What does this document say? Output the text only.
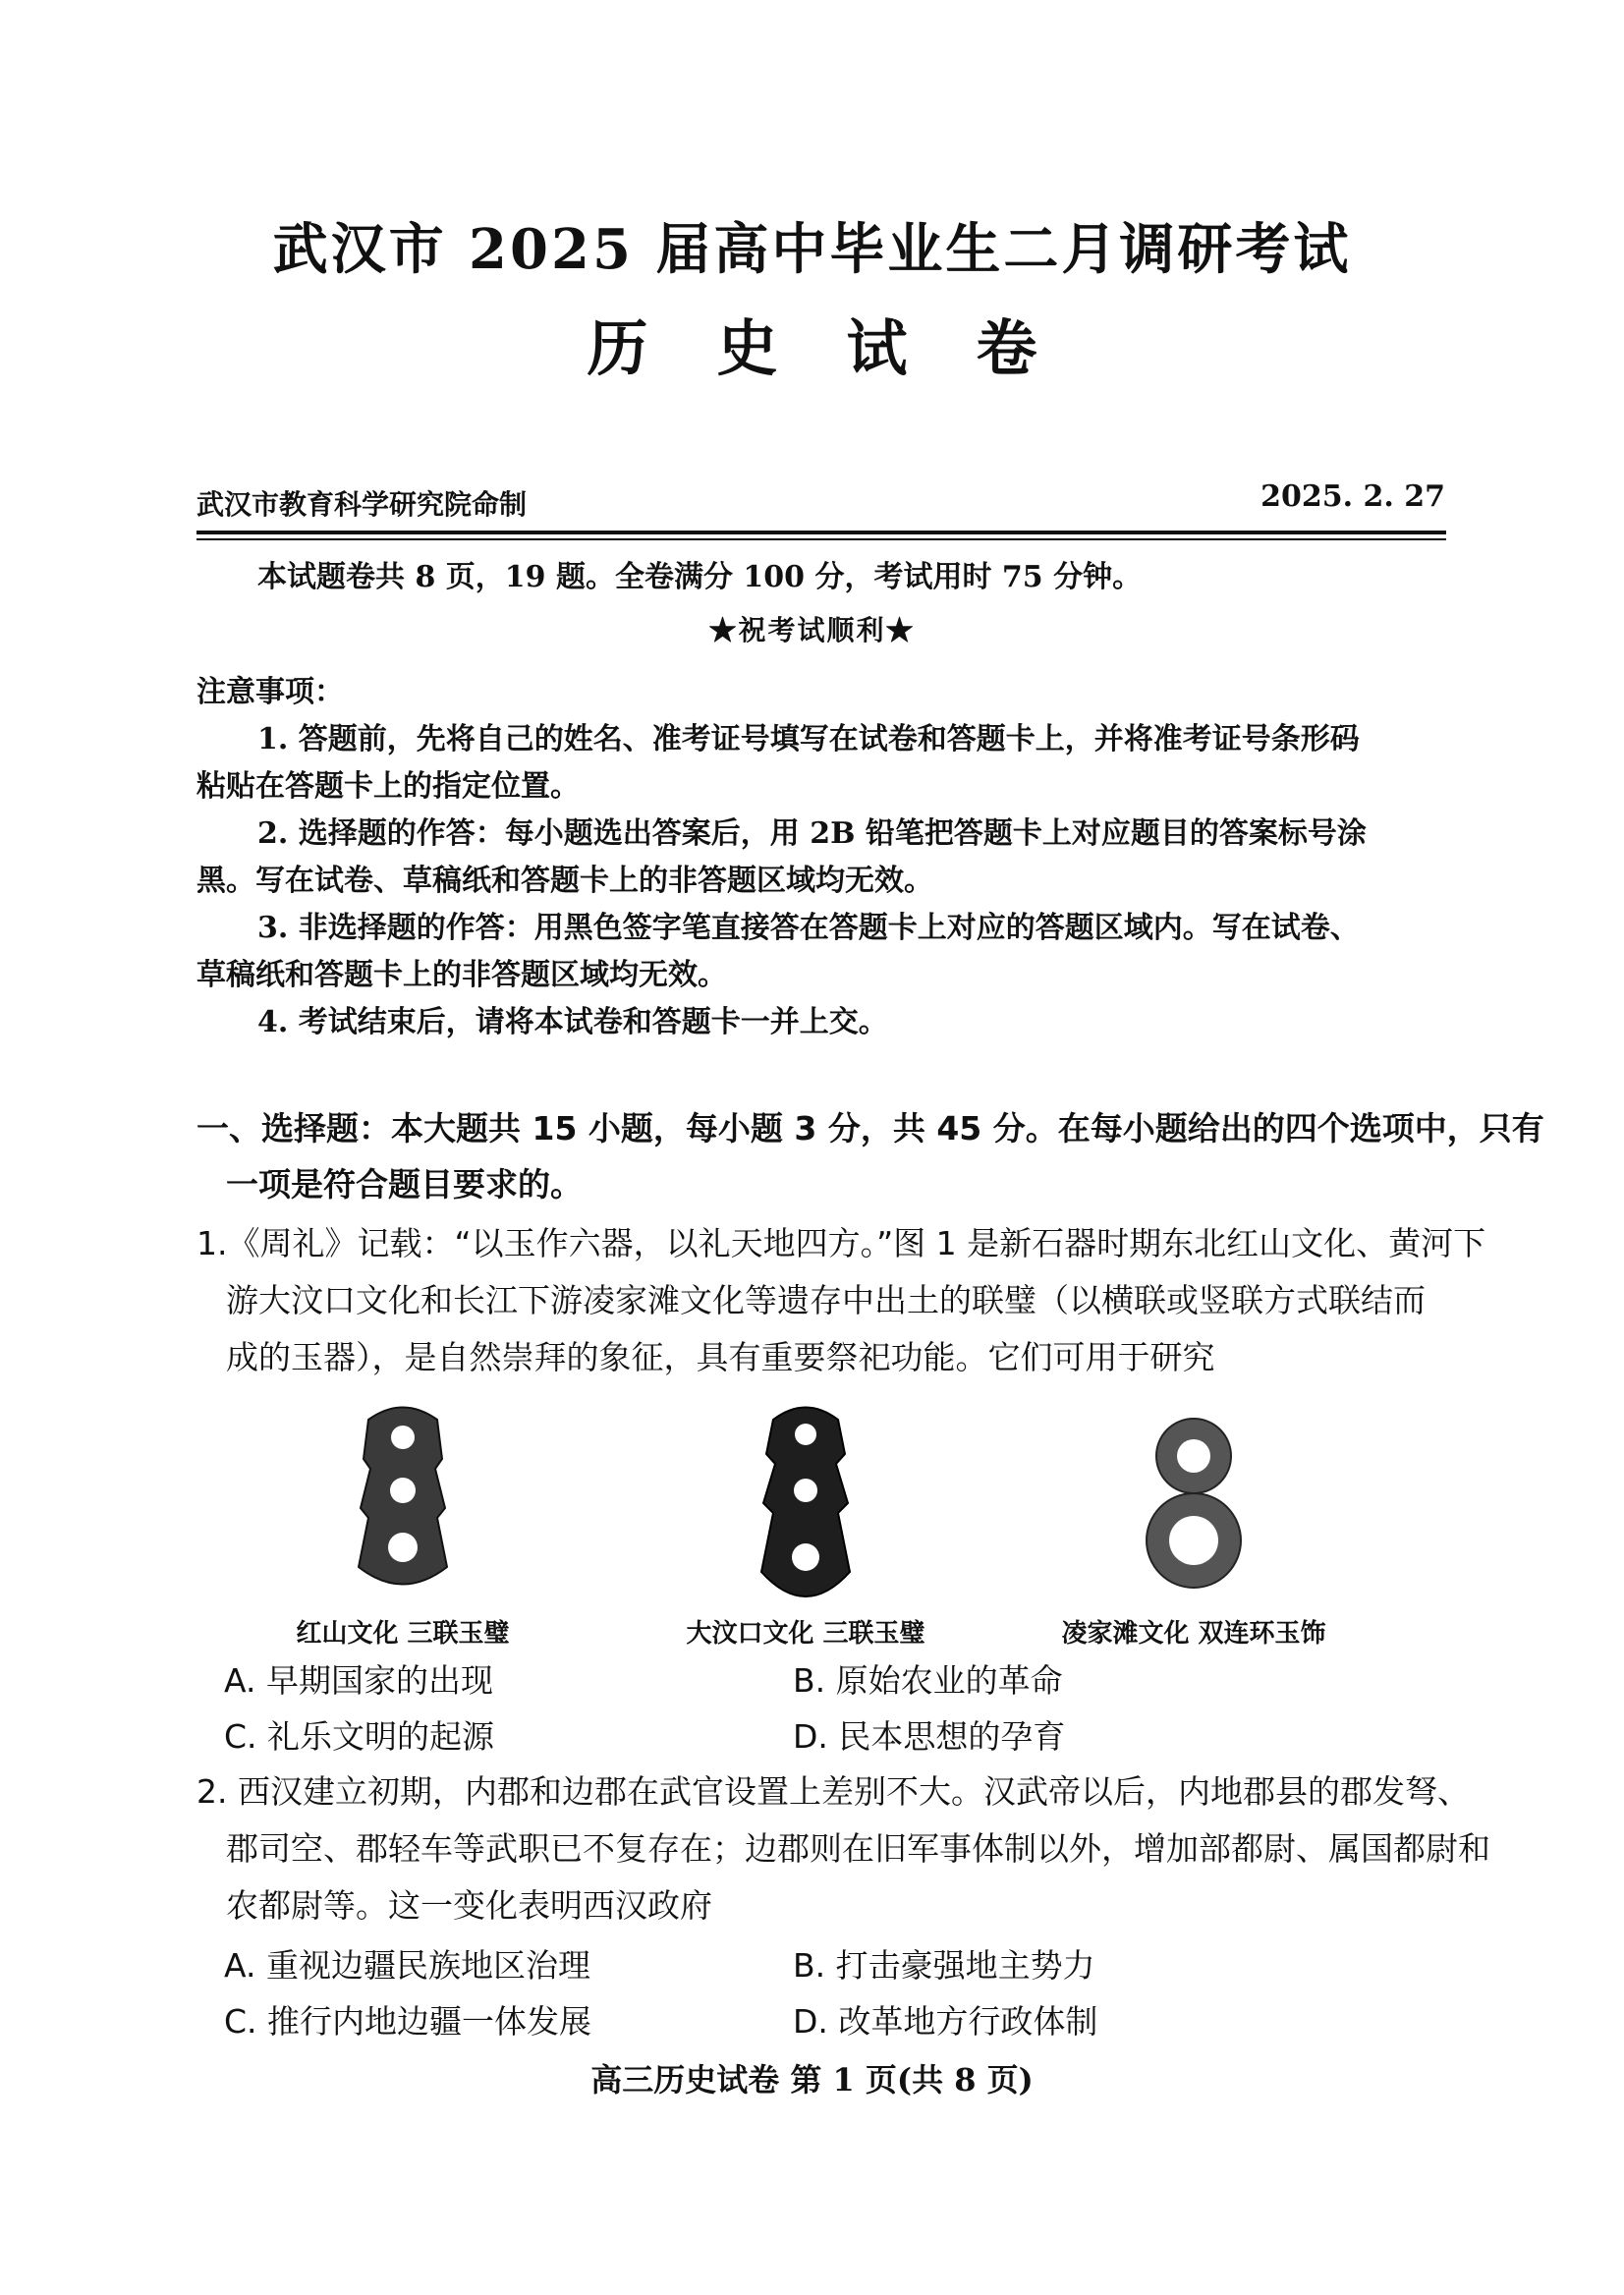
武汉市 2025 届高中毕业生二月调研考试
历史试卷
武汉市教育科学研究院命制	2025. 2. 27
本试题卷共 8 页，19 题。全卷满分 100 分，考试用时 75 分钟。
★祝考试顺利★
注意事项：
1. 答题前，先将自己的姓名、准考证号填写在试卷和答题卡上，并将准考证号条形码
粘贴在答题卡上的指定位置。
2. 选择题的作答：每小题选出答案后，用 2B 铅笔把答题卡上对应题目的答案标号涂
黑。写在试卷、草稿纸和答题卡上的非答题区域均无效。
3. 非选择题的作答：用黑色签字笔直接答在答题卡上对应的答题区域内。写在试卷、
草稿纸和答题卡上的非答题区域均无效。
4. 考试结束后，请将本试卷和答题卡一并上交。
一、选择题：本大题共 15 小题，每小题 3 分，共 45 分。在每小题给出的四个选项中，只有
一项是符合题目要求的。
1.《周礼》记载：“以玉作六器，以礼天地四方。”图 1 是新石器时期东北红山文化、黄河下
游大汶口文化和长江下游凌家滩文化等遗存中出土的联璧（以横联或竖联方式联结而
成的玉器），是自然崇拜的象征，具有重要祭祀功能。它们可用于研究
红山文化 三联玉璧	大汶口文化 三联玉璧	凌家滩文化 双连环玉饰
A. 早期国家的出现	B. 原始农业的革命
C. 礼乐文明的起源	D. 民本思想的孕育
2. 西汉建立初期，内郡和边郡在武官设置上差别不大。汉武帝以后，内地郡县的郡发弩、
郡司空、郡轻车等武职已不复存在；边郡则在旧军事体制以外，增加部都尉、属国都尉和
农都尉等。这一变化表明西汉政府
A. 重视边疆民族地区治理	B. 打击豪强地主势力
C. 推行内地边疆一体发展	D. 改革地方行政体制
高三历史试卷 第 1 页(共 8 页)
